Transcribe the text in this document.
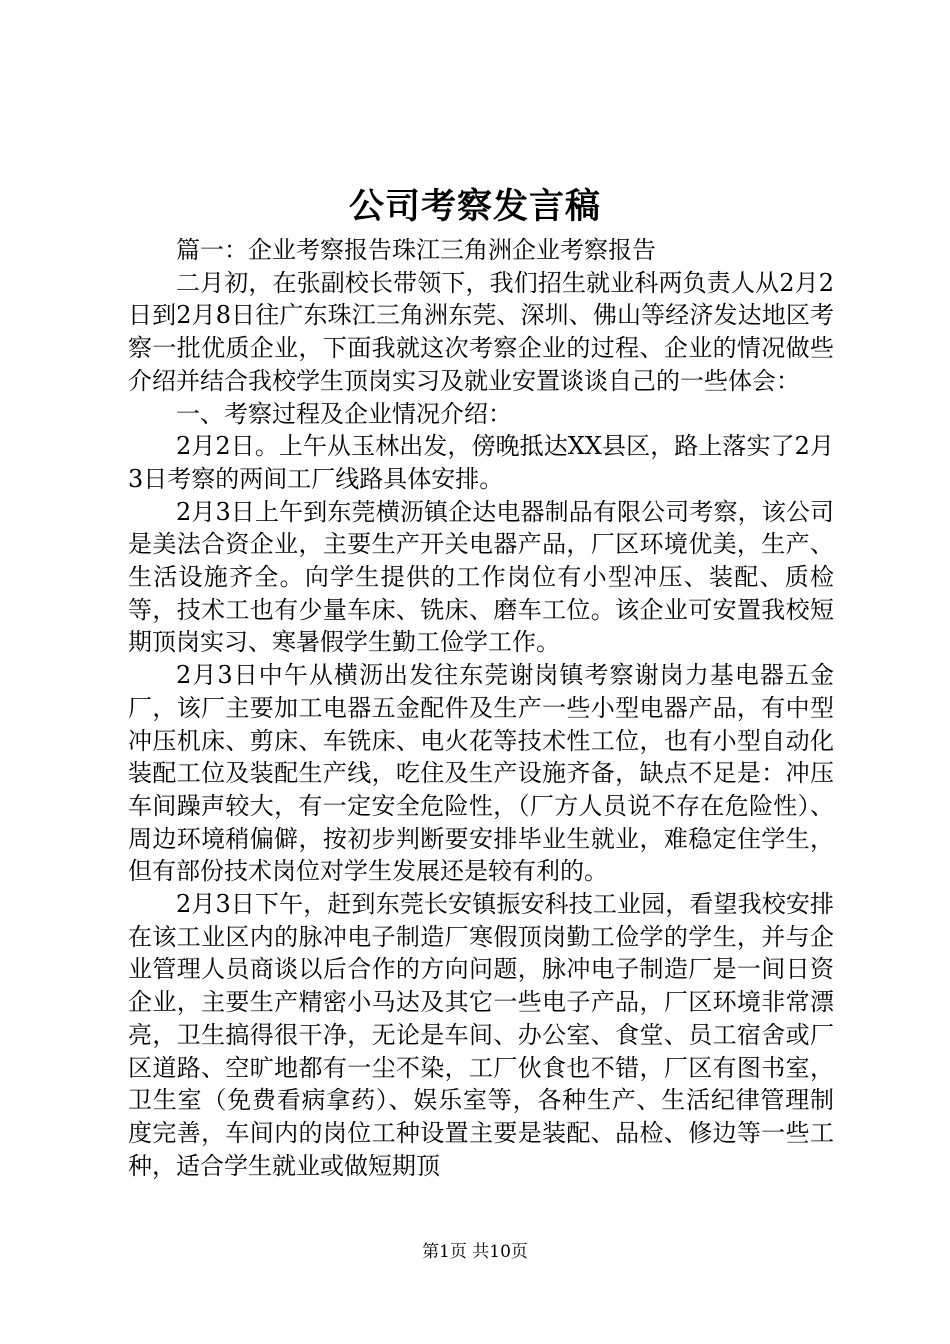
公司考察发言稿

篇一：企业考察报告珠江三角洲企业考察报告

二月初，在张副校长带领下，我们招生就业科两负责人从2月2日到2月8日往广东珠江三角洲东莞、深圳、佛山等经济发达地区考察一批优质企业，下面我就这次考察企业的过程、企业的情况做些介绍并结合我校学生顶岗实习及就业安置谈谈自己的一些体会：

一、考察过程及企业情况介绍：

2月2日。上午从玉林出发，傍晚抵达XX县区，路上落实了2月3日考察的两间工厂线路具体安排。

2月3日上午到东莞横沥镇企达电器制品有限公司考察，该公司是美法合资企业，主要生产开关电器产品，厂区环境优美，生产、生活设施齐全。向学生提供的工作岗位有小型冲压、装配、质检等，技术工也有少量车床、铣床、磨车工位。该企业可安置我校短期顶岗实习、寒暑假学生勤工俭学工作。

2月3日中午从横沥出发往东莞谢岗镇考察谢岗力基电器五金厂，该厂主要加工电器五金配件及生产一些小型电器产品，有中型冲压机床、剪床、车铣床、电火花等技术性工位，也有小型自动化装配工位及装配生产线，吃住及生产设施齐备，缺点不足是：冲压车间躁声较大，有一定安全危险性，（厂方人员说不存在危险性）、周边环境稍偏僻，按初步判断要安排毕业生就业，难稳定住学生，但有部份技术岗位对学生发展还是较有利的。

2月3日下午，赶到东莞长安镇振安科技工业园，看望我校安排在该工业区内的脉冲电子制造厂寒假顶岗勤工俭学的学生，并与企业管理人员商谈以后合作的方向问题，脉冲电子制造厂是一间日资企业，主要生产精密小马达及其它一些电子产品，厂区环境非常漂亮，卫生搞得很干净，无论是车间、办公室、食堂、员工宿舍或厂区道路、空旷地都有一尘不染，工厂伙食也不错，厂区有图书室，卫生室（免费看病拿药）、娱乐室等，各种生产、生活纪律管理制度完善，车间内的岗位工种设置主要是装配、品检、修边等一些工种，适合学生就业或做短期顶

第1页 共10页
